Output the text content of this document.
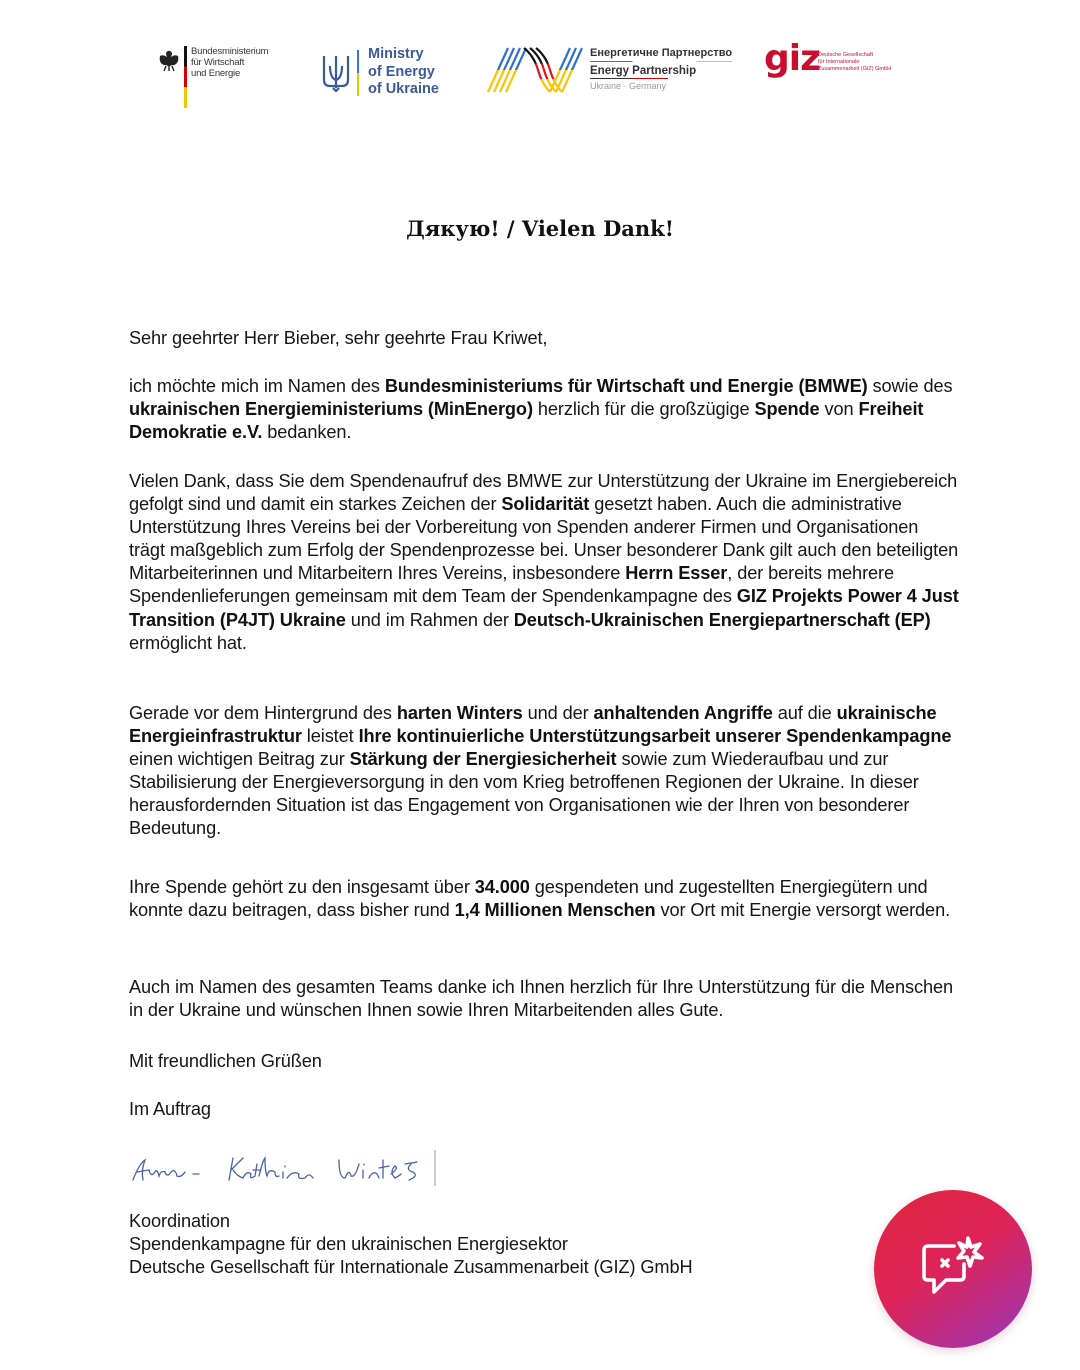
Bundesministerium
für Wirtschaft
und Energie
Ministry
of Energy
of Ukraine
Енергетичне Партнерство
Energy Partnership
Ukraine · Germany
giz
Deutsche Gesellschaft
für Internationale
Zusammenarbeit (GIZ) GmbH
Дякую! / Vielen Dank!
Sehr geehrter Herr Bieber, sehr geehrte Frau Kriwet,
ich möchte mich im Namen des Bundesministeriums für Wirtschaft und Energie (BMWE) sowie des ukrainischen Energieministeriums (MinEnergo) herzlich für die großzügige Spende von Freiheit Demokratie e.V. bedanken.
Vielen Dank, dass Sie dem Spendenaufruf des BMWE zur Unterstützung der Ukraine im Energiebereich gefolgt sind und damit ein starkes Zeichen der Solidarität gesetzt haben. Auch die administrative Unterstützung Ihres Vereins bei der Vorbereitung von Spenden anderer Firmen und Organisationen trägt maßgeblich zum Erfolg der Spendenprozesse bei. Unser besonderer Dank gilt auch den beteiligten Mitarbeiterinnen und Mitarbeitern Ihres Vereins, insbesondere Herrn Esser, der bereits mehrere Spendenlieferungen gemeinsam mit dem Team der Spendenkampagne des GIZ Projekts Power 4 Just Transition (P4JT) Ukraine und im Rahmen der Deutsch-Ukrainischen Energiepartnerschaft (EP) ermöglicht hat.
Gerade vor dem Hintergrund des harten Winters und der anhaltenden Angriffe auf die ukrainische Energieinfrastruktur leistet Ihre kontinuierliche Unterstützungsarbeit unserer Spendenkampagne einen wichtigen Beitrag zur Stärkung der Energiesicherheit sowie zum Wiederaufbau und zur Stabilisierung der Energieversorgung in den vom Krieg betroffenen Regionen der Ukraine. In dieser herausfordernden Situation ist das Engagement von Organisationen wie der Ihren von besonderer Bedeutung.
Ihre Spende gehört zu den insgesamt über 34.000 gespendeten und zugestellten Energiegütern und konnte dazu beitragen, dass bisher rund 1,4 Millionen Menschen vor Ort mit Energie versorgt werden.
Auch im Namen des gesamten Teams danke ich Ihnen herzlich für Ihre Unterstützung für die Menschen in der Ukraine und wünschen Ihnen sowie Ihren Mitarbeitenden alles Gute.
Mit freundlichen Grüßen
Im Auftrag
Koordination
Spendenkampagne für den ukrainischen Energiesektor
Deutsche Gesellschaft für Internationale Zusammenarbeit (GIZ) GmbH
